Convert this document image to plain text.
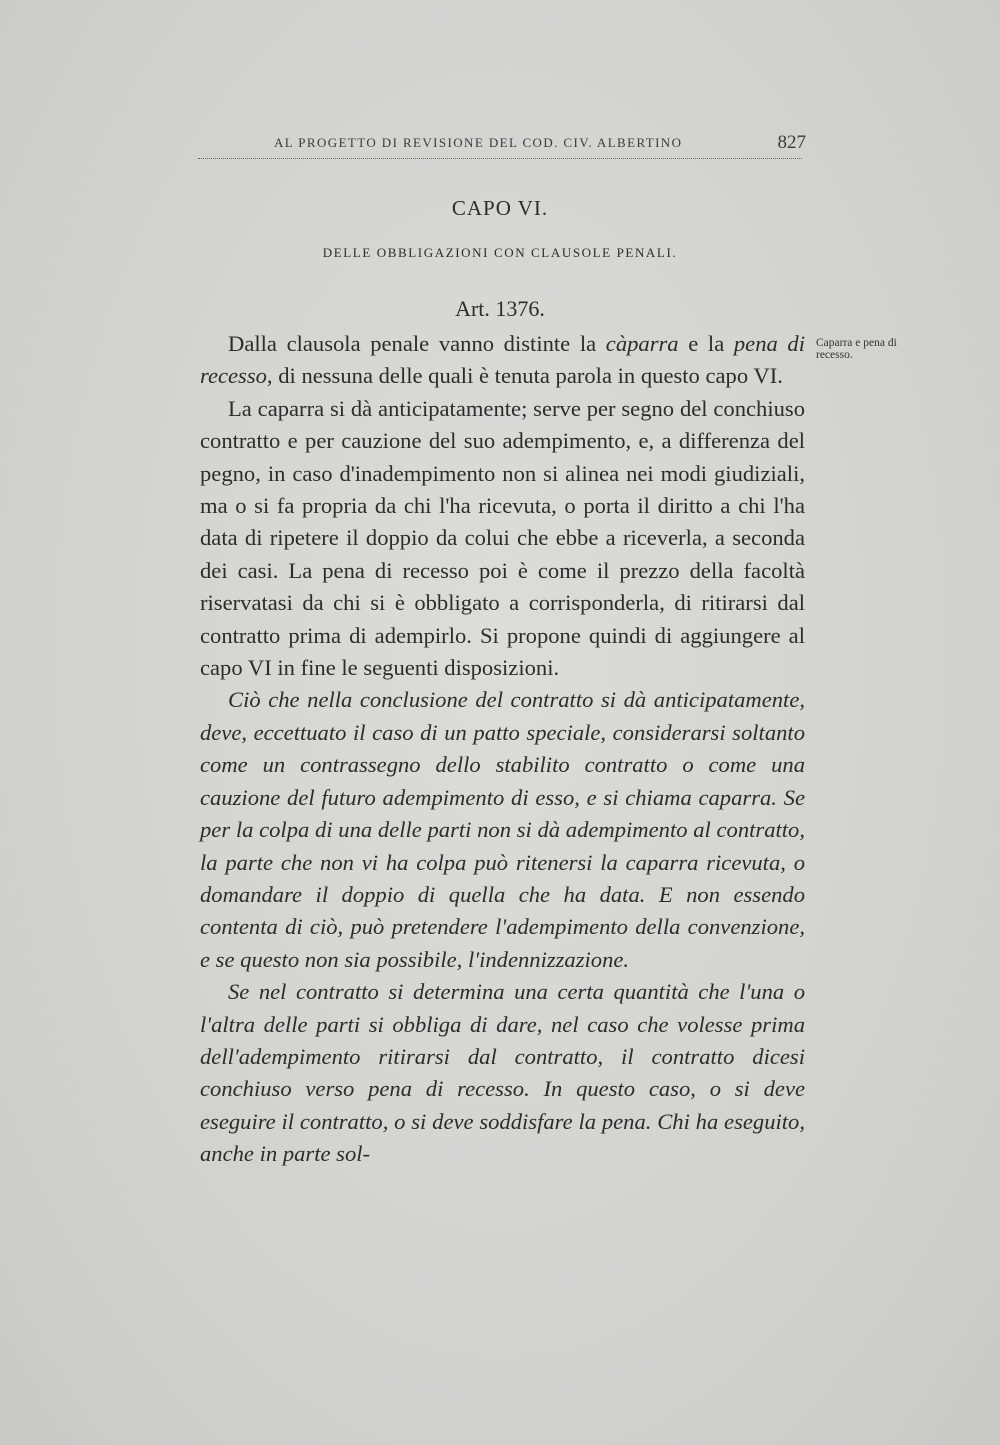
AL PROGETTO DI REVISIONE DEL COD. CIV. ALBERTINO	827
CAPO VI.
DELLE OBBLIGAZIONI CON CLAUSOLE PENALI.
Art. 1376.
Caparra e pena di recesso.

Dalla clausola penale vanno distinte la càparra e la pena di recesso, di nessuna delle quali è tenuta parola in questo capo VI.

La caparra si dà anticipatamente; serve per segno del conchiuso contratto e per cauzione del suo adempimento, e, a differenza del pegno, in caso d'inadempimento non si alinea nei modi giudiziali, ma o si fa propria da chi l'ha ricevuta, o porta il diritto a chi l'ha data di ripetere il doppio da colui che ebbe a riceverla, a seconda dei casi. La pena di recesso poi è come il prezzo della facoltà riservatasi da chi si è obbligato a corrisponderla, di ritirarsi dal contratto prima di adempirlo. Si propone quindi di aggiungere al capo VI in fine le seguenti disposizioni.

Ciò che nella conclusione del contratto si dà anticipatamente, deve, eccettuato il caso di un patto speciale, considerarsi soltanto come un contrassegno dello stabilito contratto o come una cauzione del futuro adempimento di esso, e si chiama caparra. Se per la colpa di una delle parti non si dà adempimento al contratto, la parte che non vi ha colpa può ritenersi la caparra ricevuta, o domandare il doppio di quella che ha data. E non essendo contenta di ciò, può pretendere l'adempimento della convenzione, e se questo non sia possibile, l'indennizzazione.

Se nel contratto si determina una certa quantità che l'una o l'altra delle parti si obbliga di dare, nel caso che volesse prima dell'adempimento ritirarsi dal contratto, il contratto dicesi conchiuso verso pena di recesso. In questo caso, o si deve eseguire il contratto, o si deve soddisfare la pena. Chi ha eseguito, anche in parte sol-
